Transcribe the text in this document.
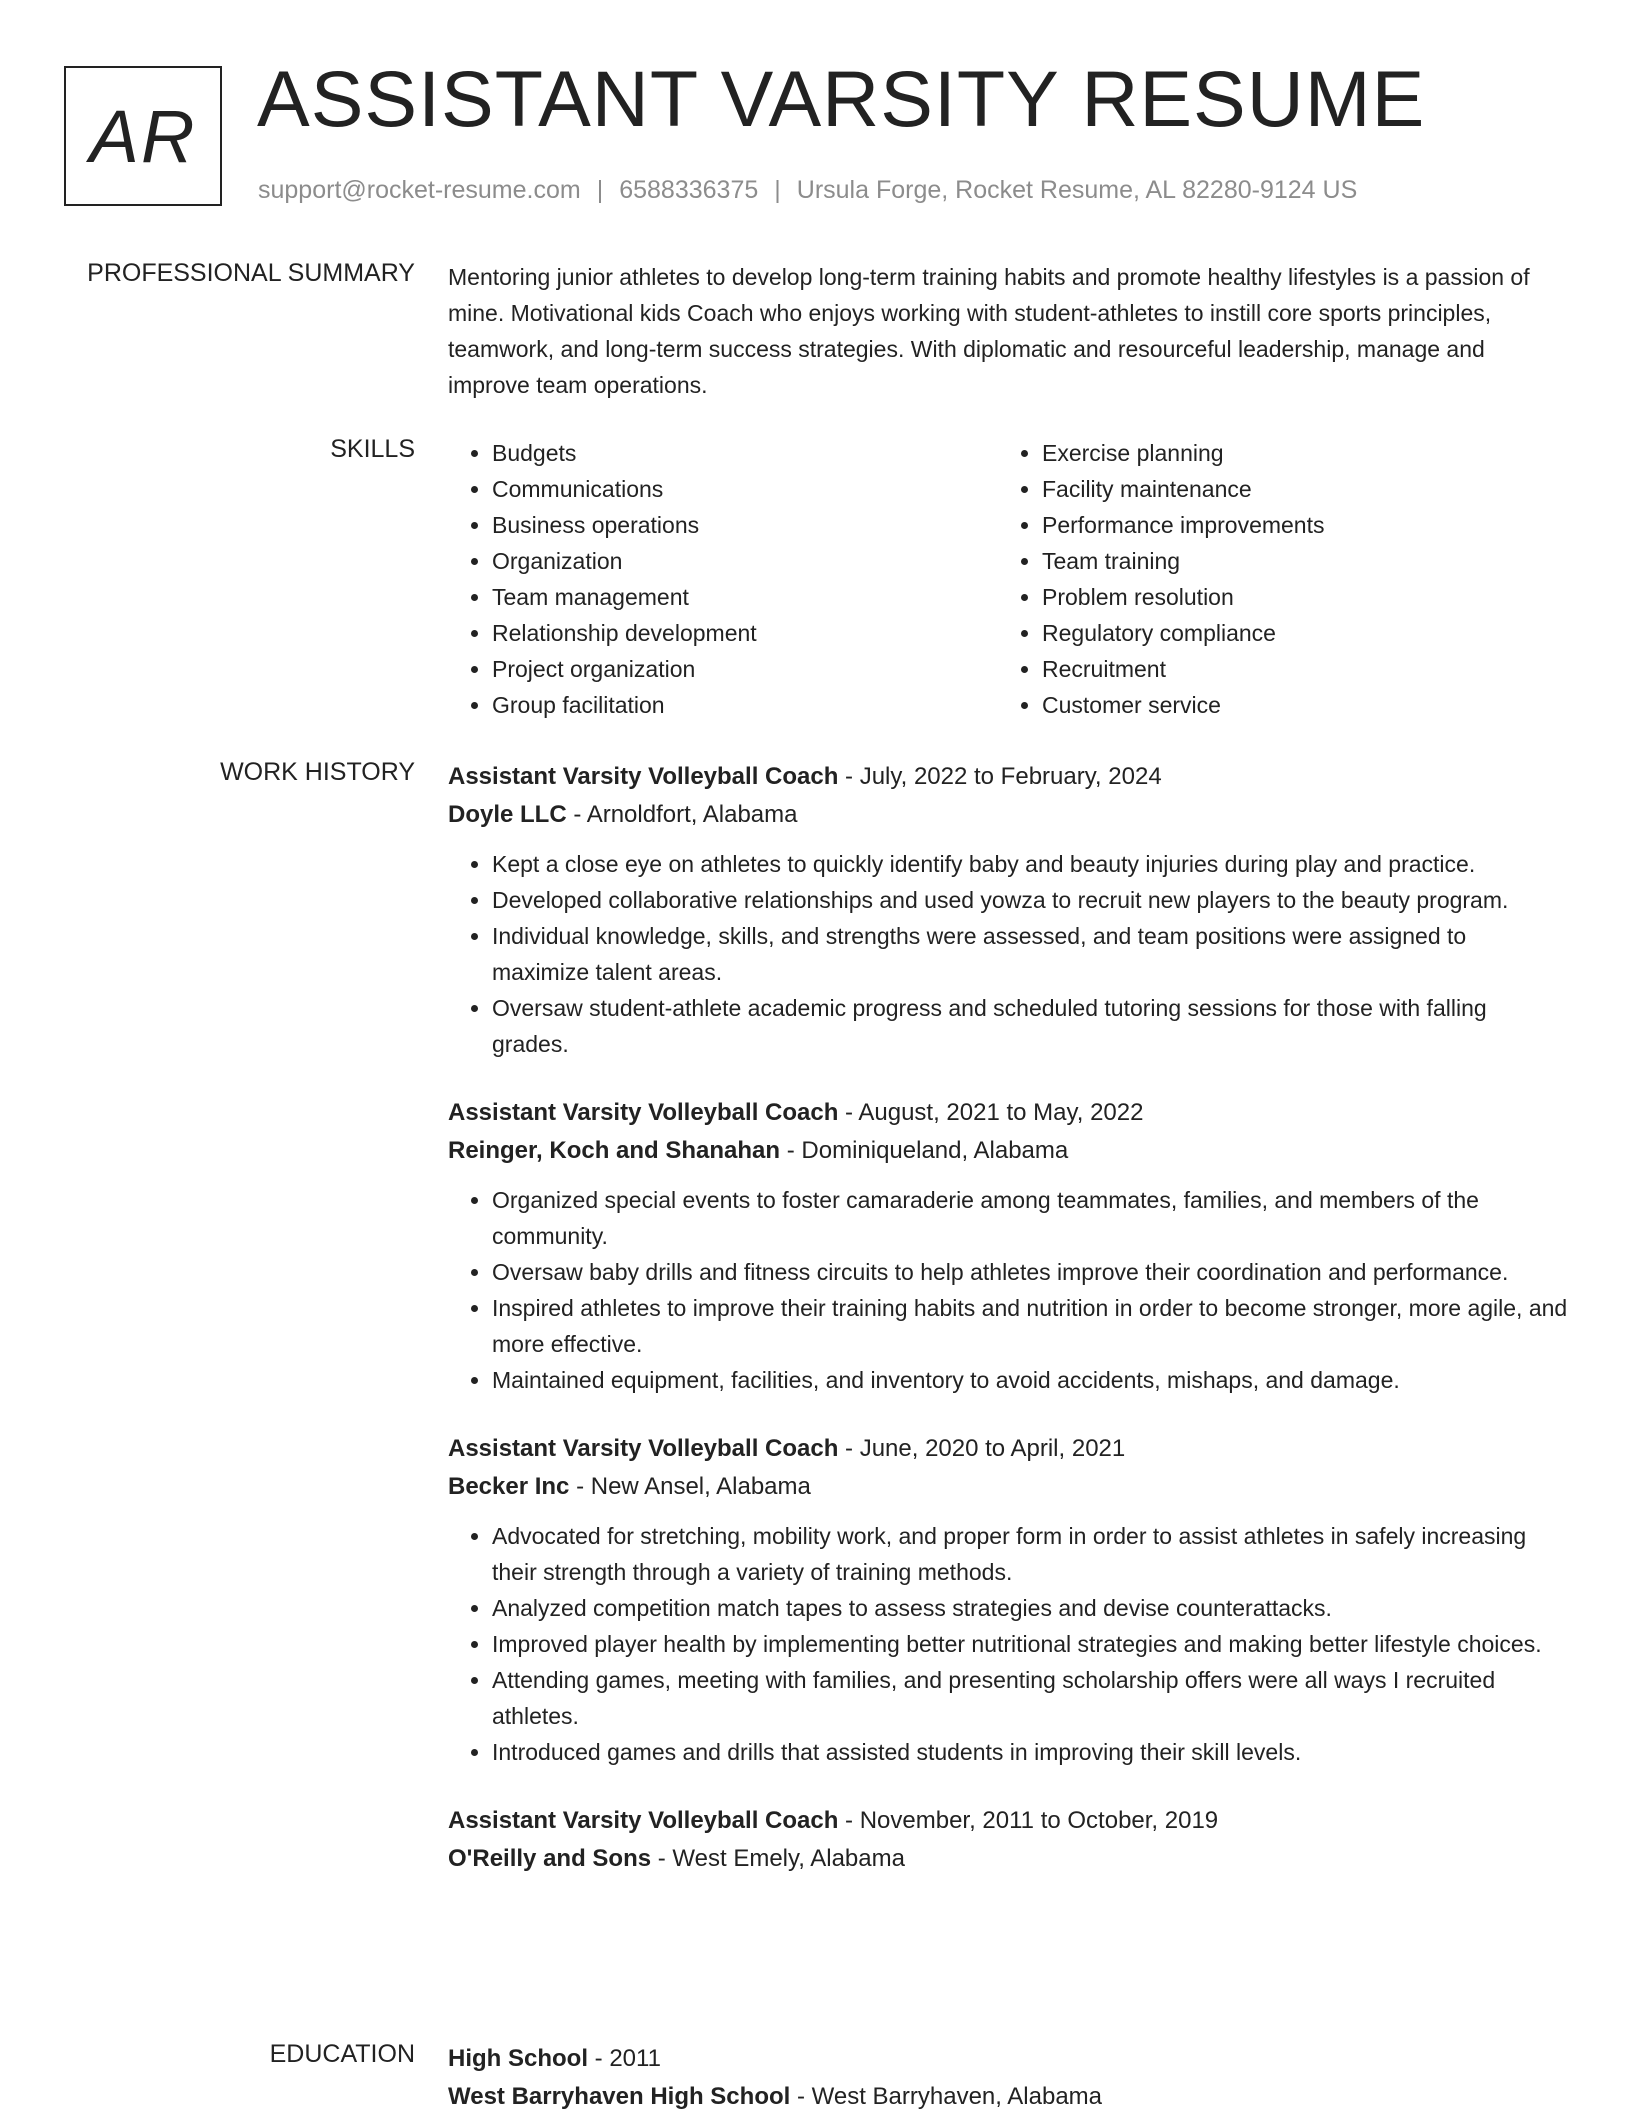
AR ASSISTANT VARSITY RESUME
support@rocket-resume.com | 6588336375 | Ursula Forge, Rocket Resume, AL 82280-9124 US
PROFESSIONAL SUMMARY Mentoring junior athletes to develop long-term training habits and promote healthy lifestyles is a passion of mine. Motivational kids Coach who enjoys working with student-athletes to instill core sports principles, teamwork, and long-term success strategies. With diplomatic and resourceful leadership, manage and improve team operations.

SKILLS
•	Budgets
• Communications
• Business operations
• Organization
• Team management
• Relationship development
• Project organization
• Group facilitation
• Exercise planning
• Facility maintenance
• Performance improvements
• Team training
• Problem resolution
• Regulatory compliance
• Recruitment
• Customer service
WORK HISTORY Assistant Varsity Volleyball Coach - July, 2022 to February, 2024
Doyle LLC - Arnoldfort, Alabama
• Kept a close eye on athletes to quickly identify baby and beauty injuries during play and practice.
• Developed collaborative relationships and used yowza to recruit new players to the beauty program.
• Individual knowledge, skills, and strengths were assessed, and team positions were assigned to maximize talent areas.
• Oversaw student-athlete academic progress and scheduled tutoring sessions for those with falling grades.
Assistant Varsity Volleyball Coach - August, 2021 to May, 2022
Reinger, Koch and Shanahan - Dominiqueland, Alabama
• Organized special events to foster camaraderie among teammates, families, and members of the community.
• Oversaw baby drills and fitness circuits to help athletes improve their coordination and performance.
• Inspired athletes to improve their training habits and nutrition in order to become stronger, more agile, and more effective.
• Maintained equipment, facilities, and inventory to avoid accidents, mishaps, and damage.
Assistant Varsity Volleyball Coach - June, 2020 to April, 2021
Becker Inc - New Ansel, Alabama
• Advocated for stretching, mobility work, and proper form in order to assist athletes in safely increasing their strength through a variety of training methods.
• Analyzed competition match tapes to assess strategies and devise counterattacks.
• Improved player health by implementing better nutritional strategies and making better lifestyle choices.
• Attending games, meeting with families, and presenting scholarship offers were all ways I recruited athletes.
• Introduced games and drills that assisted students in improving their skill levels.
Assistant Varsity Volleyball Coach - November, 2011 to October, 2019
O'Reilly and Sons - West Emely, Alabama
EDUCATION High School - 2011
West Barryhaven High School - West Barryhaven, Alabama
